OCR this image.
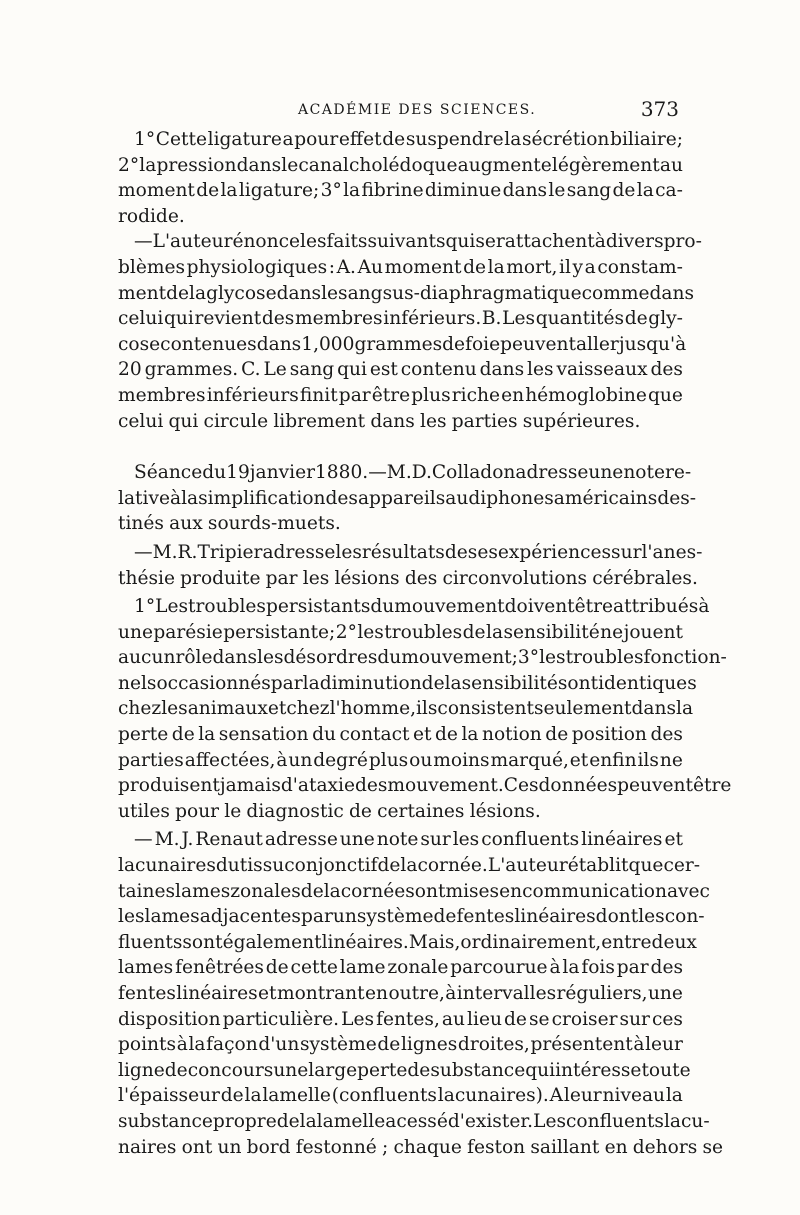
ACADÉMIE DES SCIENCES.	373
1° Cette ligature a pour effet de suspendre la sécrétion biliaire;
2° la pression dans le canal cholédoque augmente légèrement au
moment de la ligature; 3° la fibrine diminue dans le sang de la ca-
rodide.
— L'auteur énonce les faits suivants qui se rattachent à divers pro-
blèmes physiologiques : A. Au moment de la mort, il y a constam-
ment de la glycose dans le sang sus-diaphragmatique comme dans
celui qui revient des membres inférieurs. B. Les quantités de gly-
cose contenues dans 1,000 grammes de foie peuvent aller jusqu'à
20 grammes. C. Le sang qui est contenu dans les vaisseaux des
membres inférieurs finit par être plus riche en hémoglobine que
celui qui circule librement dans les parties supérieures.
Séance du 19 janvier 1880. — M. D. Colladon adresse une note re-
lative à la simplification des appareils audiphones américains des-
tinés aux sourds-muets.
— M. R. Tripier adresse les résultats de ses expériences sur l'anes-
thésie produite par les lésions des circonvolutions cérébrales.
1° Les troubles persistants du mouvement doivent être attribués à
une parésie persistante; 2° les troubles de la sensibilité ne jouent
aucun rôle dans les désordres du mouvement; 3° les troubles fonction-
nels occasionnés par la diminution de la sensibilité sont identiques
chez les animaux et chez l'homme, ils consistent seulement dans la
perte de la sensation du contact et de la notion de position des
parties affectées, à un degré plus ou moins marqué, et enfin ils ne
produisent jamais d'ataxie des mouvement. Ces données peuvent être
utiles pour le diagnostic de certaines lésions.
— M. J. Renaut adresse une note sur les confluents linéaires et
lacunaires du tissu conjonctif de la cornée. L'auteur établit que cer-
taines lames zonales de la cornée sont mises en communication avec
les lames adjacentes par un système de fentes linéaires dont les con-
fluents sont également linéaires. Mais, ordinairement, entre deux
lames fenêtrées de cette lame zonale parcourue à la fois par des
fentes linéaires et montrant en outre, à intervalles réguliers, une
disposition particulière. Les fentes, au lieu de se croiser sur ces
points à la façon d'un système de lignes droites, présentent à leur
ligne de concours une large perte de substance qui intéresse toute
l'épaisseur de la lamelle (confluents lacunaires). A leur niveau la
substance propre de la lamelle a cessé d'exister. Les confluents lacu-
naires ont un bord festonné ; chaque feston saillant en dehors se
